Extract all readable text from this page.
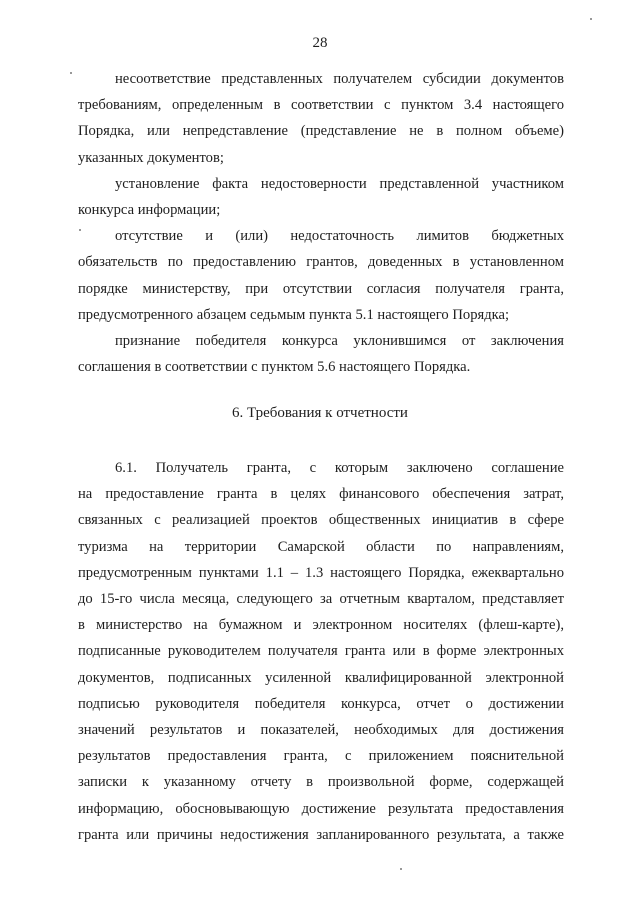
28
несоответствие представленных получателем субсидии документов
требованиям, определенным в соответствии с пунктом 3.4 настоящего
Порядка, или непредставление (представление не в полном объеме)
указанных документов;
установление факта недостоверности представленной участником
конкурса информации;
отсутствие и (или) недостаточность лимитов бюджетных
обязательств по предоставлению грантов, доведенных в установленном
порядке министерству, при отсутствии согласия получателя гранта,
предусмотренного абзацем седьмым пункта 5.1 настоящего Порядка;
признание победителя конкурса уклонившимся от заключения
соглашения в соответствии с пунктом 5.6 настоящего Порядка.
6. Требования к отчетности
6.1. Получатель гранта, с которым заключено соглашение
на предоставление гранта в целях финансового обеспечения затрат,
связанных с реализацией проектов общественных инициатив в сфере
туризма на территории Самарской области по направлениям,
предусмотренным пунктами 1.1 – 1.3 настоящего Порядка, ежеквартально
до 15-го числа месяца, следующего за отчетным кварталом, представляет
в министерство на бумажном и электронном носителях (флеш-карте),
подписанные руководителем получателя гранта или в форме электронных
документов, подписанных усиленной квалифицированной электронной
подписью руководителя победителя конкурса, отчет о достижении
значений результатов и показателей, необходимых для достижения
результатов предоставления гранта, с приложением пояснительной
записки к указанному отчету в произвольной форме, содержащей
информацию, обосновывающую достижение результата предоставления
гранта или причины недостижения запланированного результата, а также
